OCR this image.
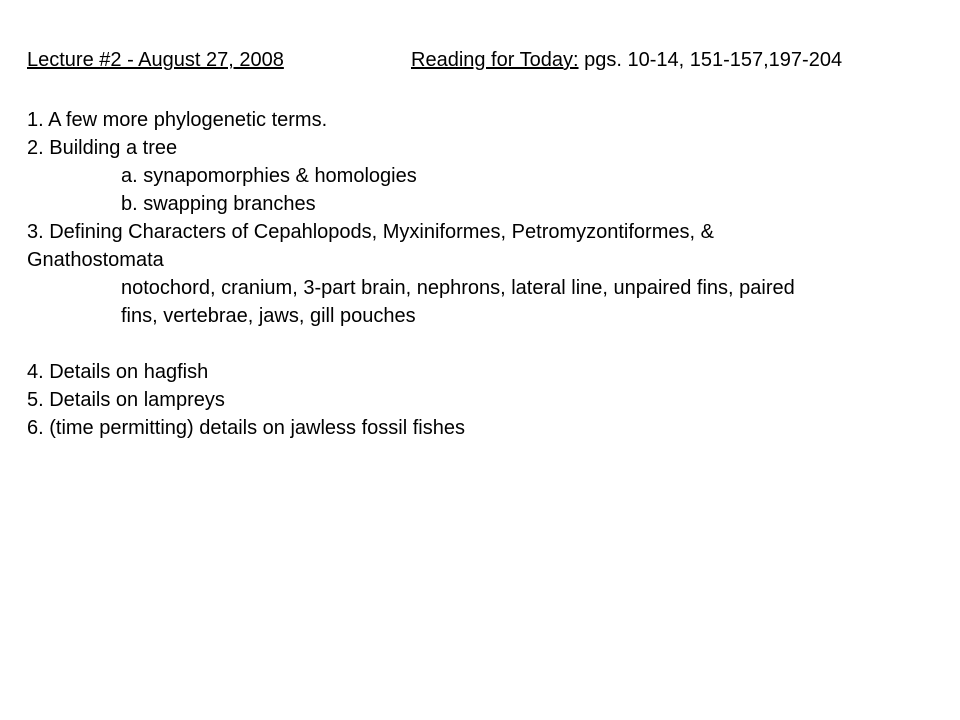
Lecture #2 - August 27, 2008	Reading for Today: pgs. 10-14, 151-157,197-204
1. A few more phylogenetic terms.
2. Building a tree
a. synapomorphies & homologies
b. swapping branches
3. Defining Characters of Cepahlopods, Myxiniformes, Petromyzontiformes, &
Gnathostomata
notochord, cranium, 3-part brain, nephrons, lateral line, unpaired fins, paired
fins, vertebrae, jaws, gill pouches
4. Details on hagfish
5. Details on lampreys
6. (time permitting) details on jawless fossil fishes
